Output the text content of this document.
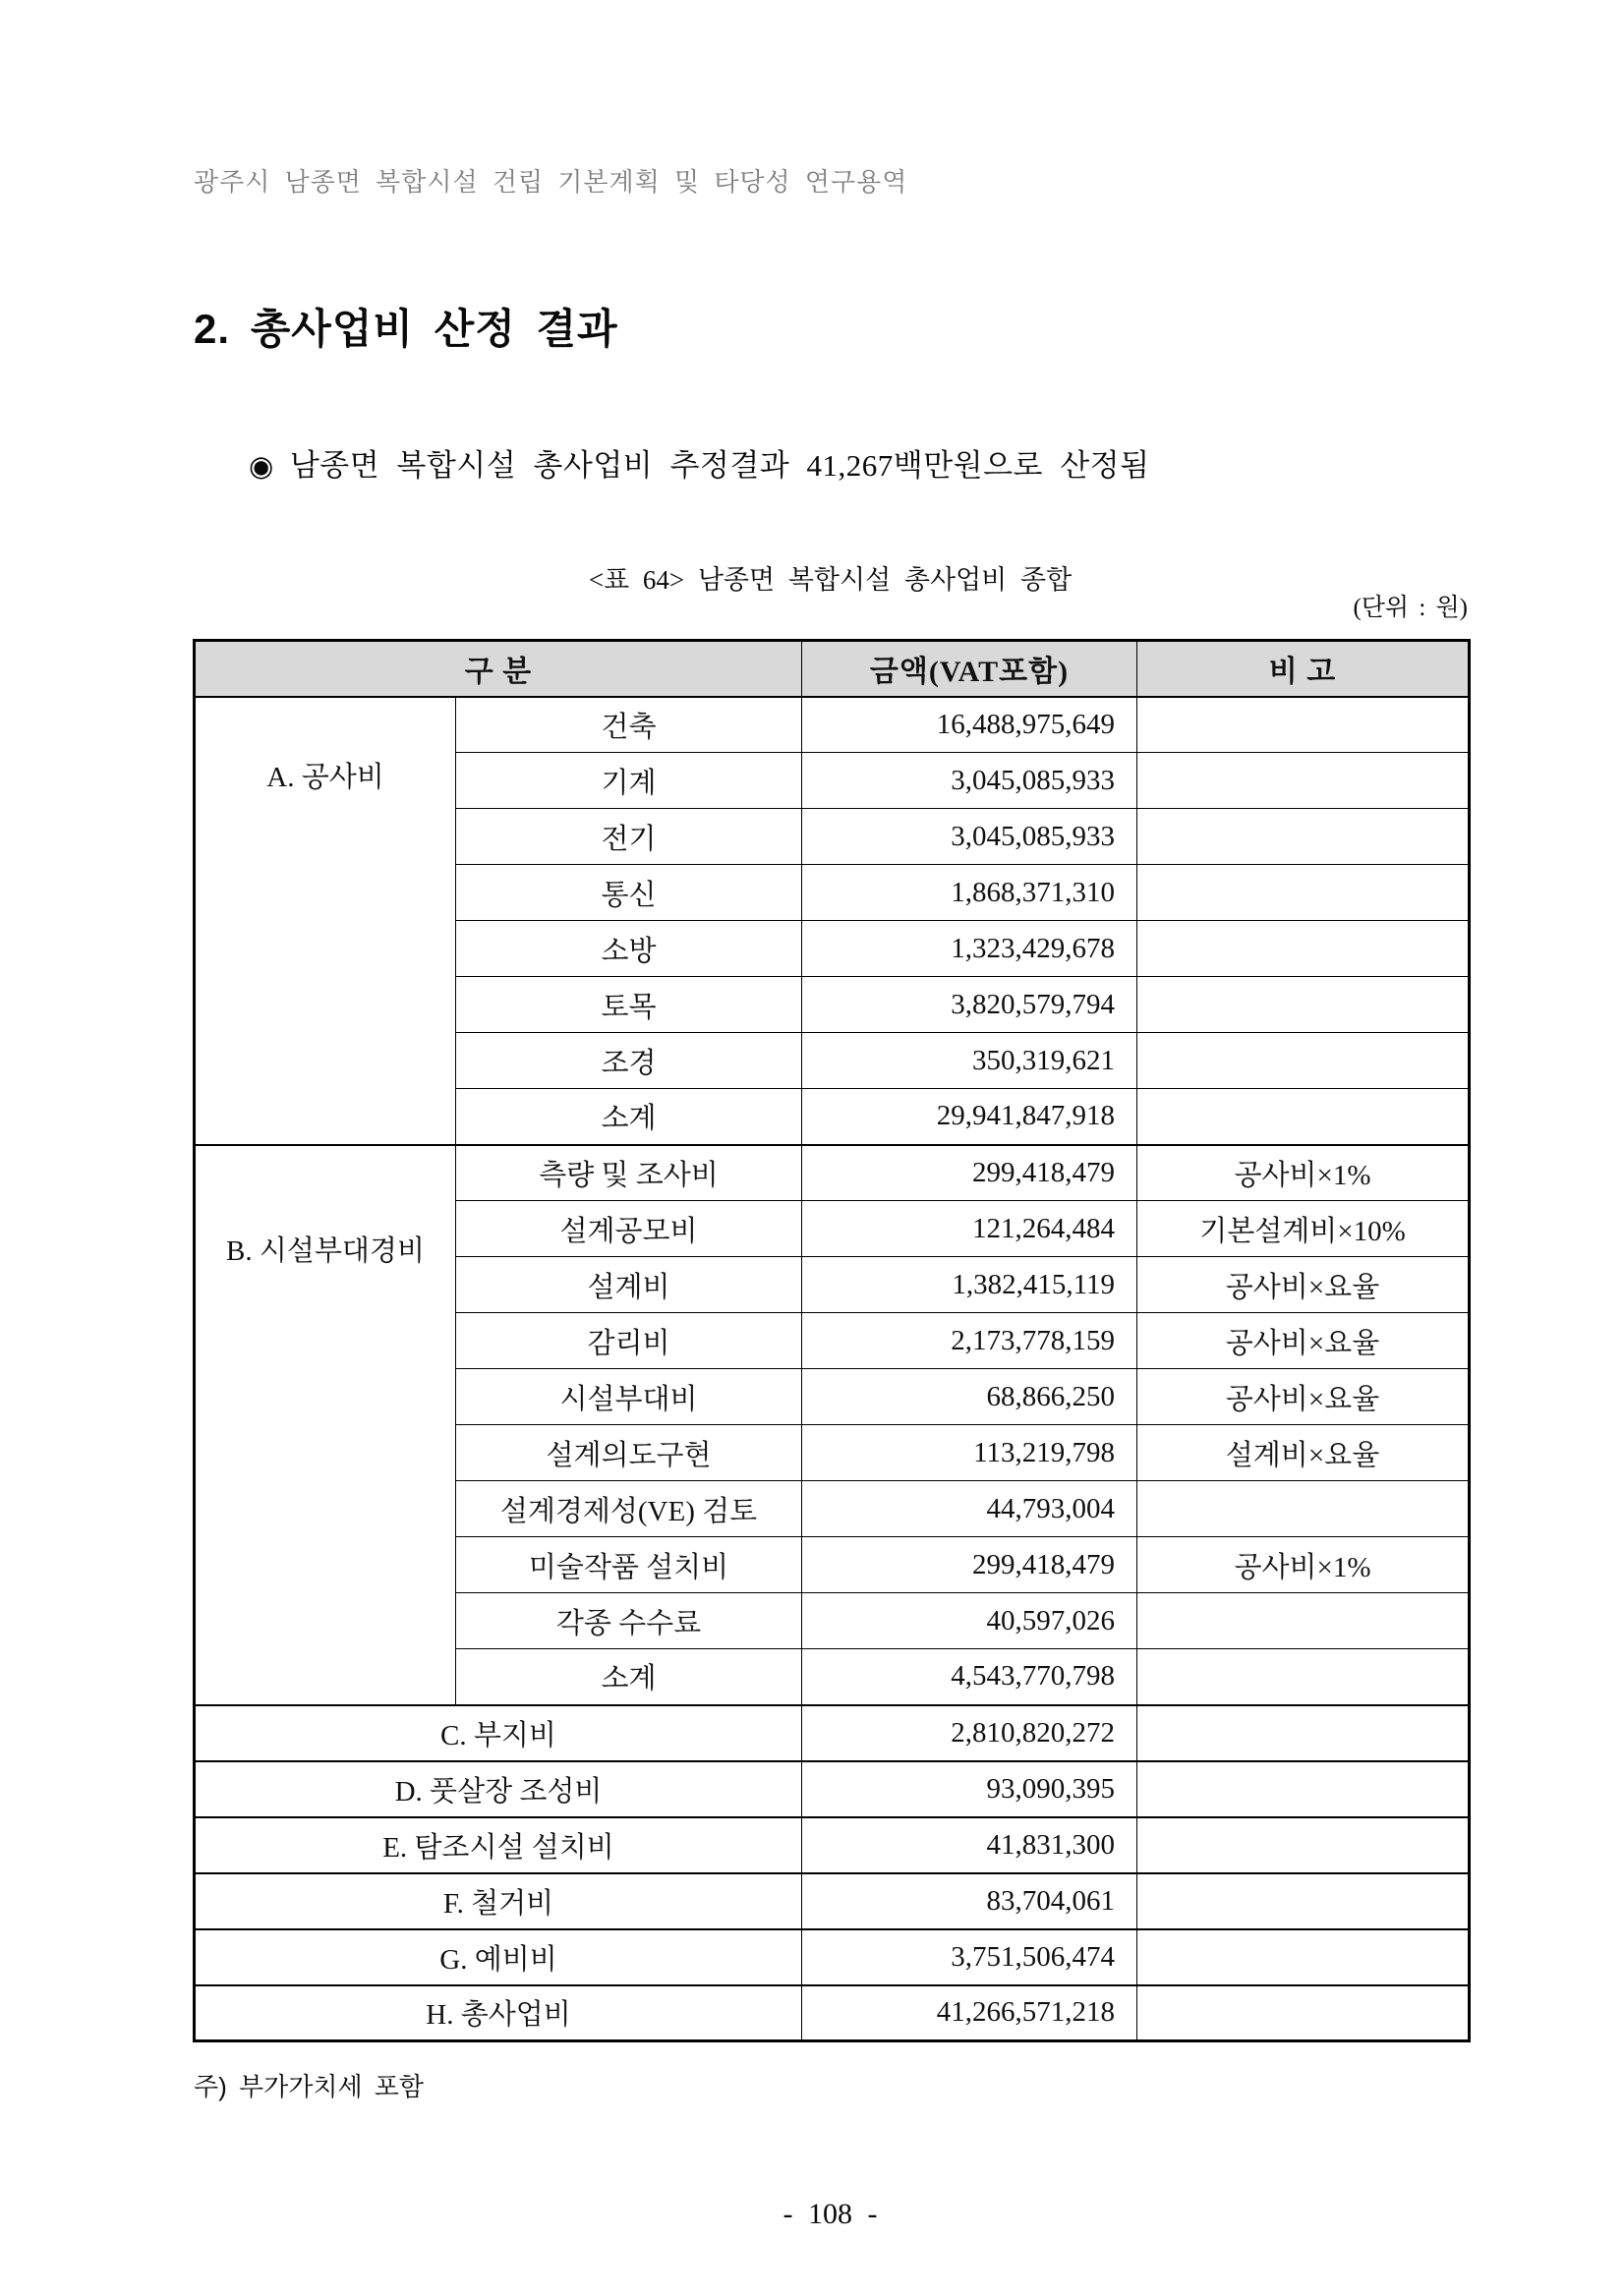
광주시 남종면 복합시설 건립 기본계획 및 타당성 연구용역
2. 총사업비 산정 결과
◉ 남종면 복합시설 총사업비 추정결과 41,267백만원으로 산정됨
<표 64> 남종면 복합시설 총사업비 종합
(단위 : 원)
구 분		금액(VAT포함)	비 고
A. 공사비	건축	16,488,975,649	
	기계	3,045,085,933	
	전기	3,045,085,933	
	통신	1,868,371,310	
	소방	1,323,429,678	
	토목	3,820,579,794	
	조경	350,319,621	
	소계	29,941,847,918	
B. 시설부대경비	측량 및 조사비	299,418,479	공사비×1%
	설계공모비	121,264,484	기본설계비×10%
	설계비	1,382,415,119	공사비×요율
	감리비	2,173,778,159	공사비×요율
	시설부대비	68,866,250	공사비×요율
	설계의도구현	113,219,798	설계비×요율
	설계경제성(VE) 검토	44,793,004	
	미술작품 설치비	299,418,479	공사비×1%
	각종 수수료	40,597,026	
	소계	4,543,770,798	
C. 부지비		2,810,820,272	
D. 풋살장 조성비		93,090,395	
E. 탐조시설 설치비		41,831,300	
F. 철거비		83,704,061	
G. 예비비		3,751,506,474	
H. 총사업비		41,266,571,218	
주) 부가가치세 포함
- 108 -
